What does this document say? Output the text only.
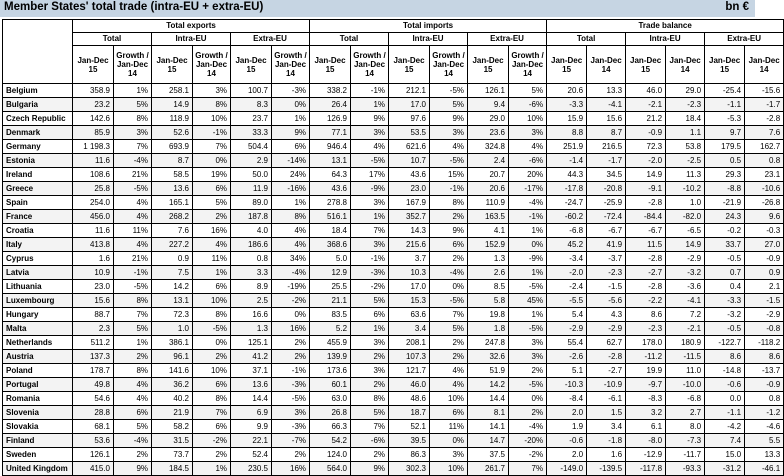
Member States' total trade (intra-EU + extra-EU)	bn €
	Total exports						Total imports						Trade balance					
	Total		Intra-EU		Extra-EU		Total		Intra-EU		Extra-EU		Total		Intra-EU		Extra-EU	
	Jan-Dec 15	Growth / Jan-Dec 14	Jan-Dec 15	Growth / Jan-Dec 14	Jan-Dec 15	Growth / Jan-Dec 14	Jan-Dec 15	Growth / Jan-Dec 14	Jan-Dec 15	Growth / Jan-Dec 14	Jan-Dec 15	Growth / Jan-Dec 14	Jan-Dec 15	Jan-Dec 14	Jan-Dec 15	Jan-Dec 14	Jan-Dec 15	Jan-Dec 14
Belgium	358.9	1%	258.1	3%	100.7	-3%	338.2	-1%	212.1	-5%	126.1	5%	20.6	13.3	46.0	29.0	-25.4	-15.6
Bulgaria	23.2	5%	14.9	8%	8.3	0%	26.4	1%	17.0	5%	9.4	-6%	-3.3	-4.1	-2.1	-2.3	-1.1	-1.7
Czech Republic	142.6	8%	118.9	10%	23.7	1%	126.9	9%	97.6	9%	29.0	10%	15.9	15.6	21.2	18.4	-5.3	-2.8
Denmark	85.9	3%	52.6	-1%	33.3	9%	77.1	3%	53.5	3%	23.6	3%	8.8	8.7	-0.9	1.1	9.7	7.6
Germany	1 198.3	7%	693.9	7%	504.4	6%	946.4	4%	621.6	4%	324.8	4%	251.9	216.5	72.3	53.8	179.5	162.7
Estonia	11.6	-4%	8.7	0%	2.9	-14%	13.1	-5%	10.7	-5%	2.4	-6%	-1.4	-1.7	-2.0	-2.5	0.5	0.8
Ireland	108.6	21%	58.5	19%	50.0	24%	64.3	17%	43.6	15%	20.7	20%	44.3	34.5	14.9	11.3	29.3	23.1
Greece	25.8	-5%	13.6	6%	11.9	-16%	43.6	-9%	23.0	-1%	20.6	-17%	-17.8	-20.8	-9.1	-10.2	-8.8	-10.6
Spain	254.0	4%	165.1	5%	89.0	1%	278.8	3%	167.9	8%	110.9	-4%	-24.7	-25.9	-2.8	1.0	-21.9	-26.8
France	456.0	4%	268.2	2%	187.8	8%	516.1	1%	352.7	2%	163.5	-1%	-60.2	-72.4	-84.4	-82.0	24.3	9.6
Croatia	11.6	11%	7.6	16%	4.0	4%	18.4	7%	14.3	9%	4.1	1%	-6.8	-6.7	-6.7	-6.5	-0.2	-0.3
Italy	413.8	4%	227.2	4%	186.6	4%	368.6	3%	215.6	6%	152.9	0%	45.2	41.9	11.5	14.9	33.7	27.0
Cyprus	1.6	21%	0.9	11%	0.8	34%	5.0	-1%	3.7	2%	1.3	-9%	-3.4	-3.7	-2.8	-2.9	-0.5	-0.9
Latvia	10.9	-1%	7.5	1%	3.3	-4%	12.9	-3%	10.3	-4%	2.6	1%	-2.0	-2.3	-2.7	-3.2	0.7	0.9
Lithuania	23.0	-5%	14.2	6%	8.9	-19%	25.5	-2%	17.0	0%	8.5	-5%	-2.4	-1.5	-2.8	-3.6	0.4	2.1
Luxembourg	15.6	8%	13.1	10%	2.5	-2%	21.1	5%	15.3	-5%	5.8	45%	-5.5	-5.6	-2.2	-4.1	-3.3	-1.5
Hungary	88.7	7%	72.3	8%	16.6	0%	83.5	6%	63.6	7%	19.8	1%	5.4	4.3	8.6	7.2	-3.2	-2.9
Malta	2.3	5%	1.0	-5%	1.3	16%	5.2	1%	3.4	5%	1.8	-5%	-2.9	-2.9	-2.3	-2.1	-0.5	-0.8
Netherlands	511.2	1%	386.1	0%	125.1	2%	455.9	3%	208.1	2%	247.8	3%	55.4	62.7	178.0	180.9	-122.7	-118.2
Austria	137.3	2%	96.1	2%	41.2	2%	139.9	2%	107.3	2%	32.6	3%	-2.6	-2.8	-11.2	-11.5	8.6	8.6
Poland	178.7	8%	141.6	10%	37.1	-1%	173.6	3%	121.7	4%	51.9	2%	5.1	-2.7	19.9	11.0	-14.8	-13.7
Portugal	49.8	4%	36.2	6%	13.6	-3%	60.1	2%	46.0	4%	14.2	-5%	-10.3	-10.9	-9.7	-10.0	-0.6	-0.9
Romania	54.6	4%	40.2	8%	14.4	-5%	63.0	8%	48.6	10%	14.4	0%	-8.4	-6.1	-8.3	-6.8	0.0	0.8
Slovenia	28.8	6%	21.9	7%	6.9	3%	26.8	5%	18.7	6%	8.1	2%	2.0	1.5	3.2	2.7	-1.1	-1.2
Slovakia	68.1	5%	58.2	6%	9.9	-3%	66.3	7%	52.1	11%	14.1	-4%	1.9	3.4	6.1	8.0	-4.2	-4.6
Finland	53.6	-4%	31.5	-2%	22.1	-7%	54.2	-6%	39.5	0%	14.7	-20%	-0.6	-1.8	-8.0	-7.3	7.4	5.5
Sweden	126.1	2%	73.7	2%	52.4	2%	124.0	2%	86.3	3%	37.5	-2%	2.0	1.6	-12.9	-11.7	15.0	13.3
United Kingdom	415.0	9%	184.5	1%	230.5	16%	564.0	9%	302.3	10%	261.7	7%	-149.0	-139.5	-117.8	-93.3	-31.2	-46.1
